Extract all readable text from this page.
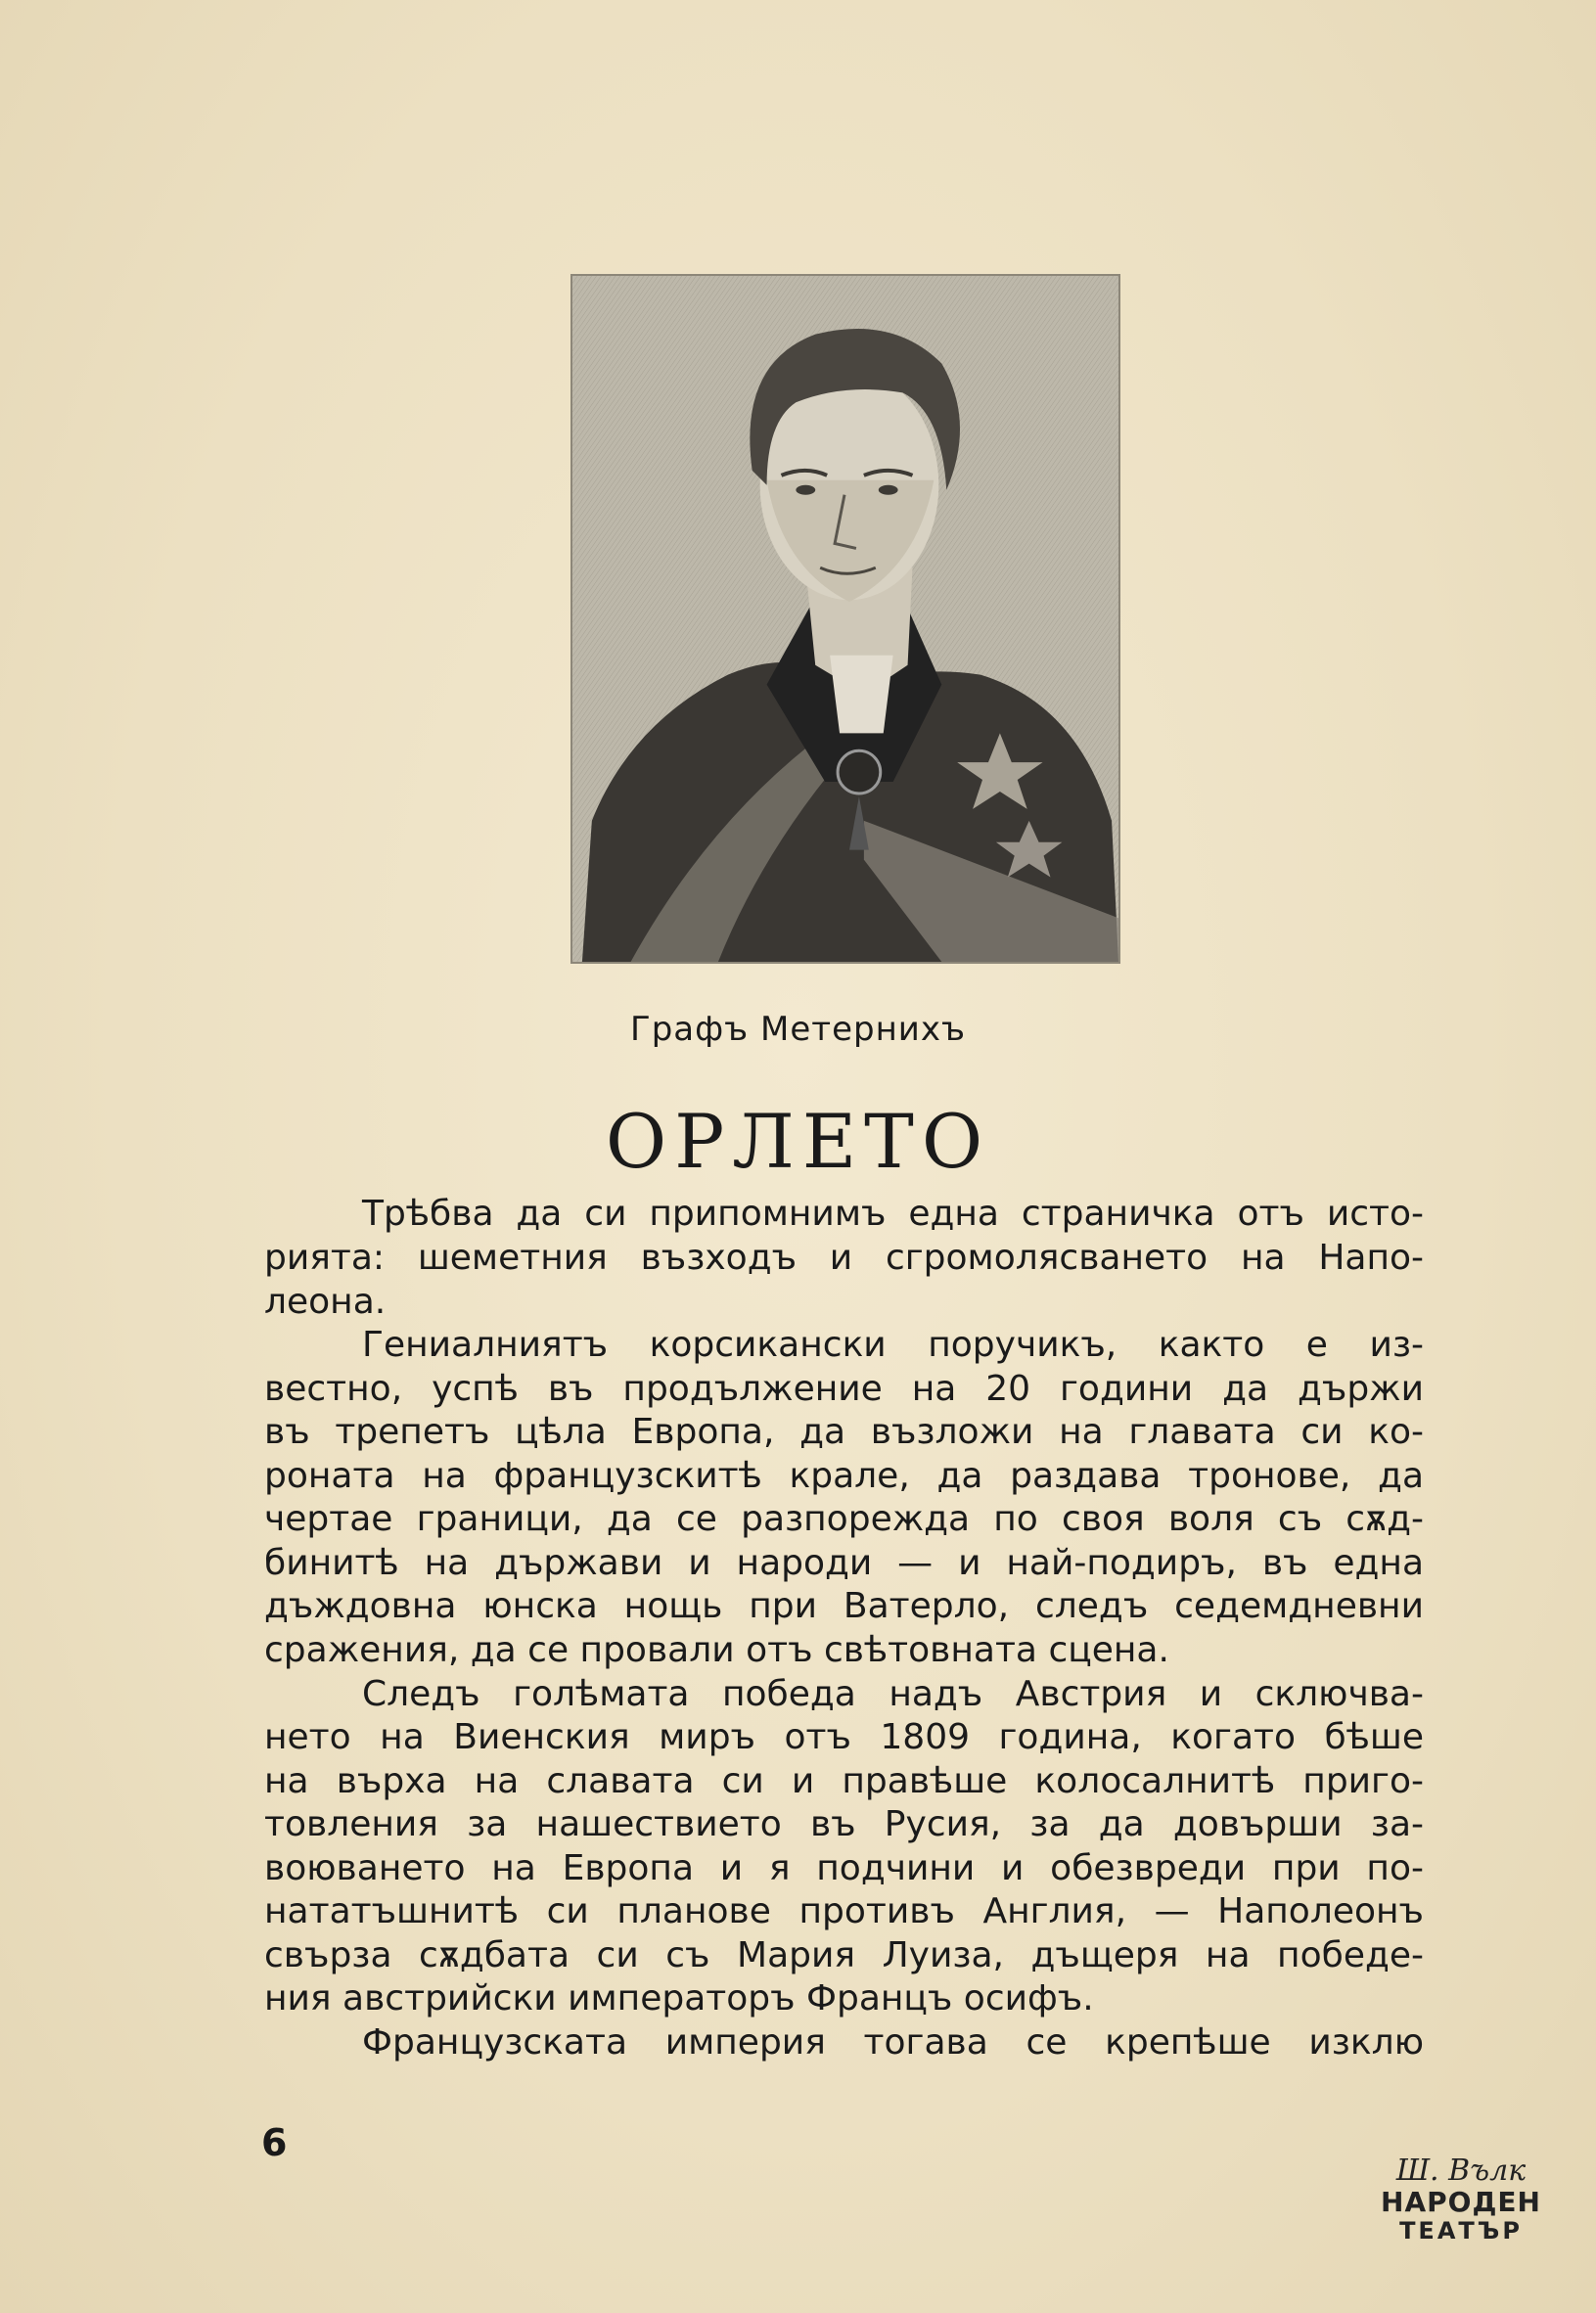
Графъ Метернихъ
ОРЛЕТО
Трѣбва да си припомнимъ една страничка отъ исто-
рията: шеметния възходъ и сгромолясването на Напо-
леона.
Гениалниятъ корсикански поручикъ, както е из-
вестно, успѣ въ продължение на 20 години да държи
въ трепетъ цѣла Европа, да възложи на главата си ко-
роната на французскитѣ крале, да раздава тронове, да
чертае граници, да се разпорежда по своя воля съ сѫд-
бинитѣ на държави и народи — и най-подиръ, въ една
дъждовна юнска нощь при Ватерло, следъ седемдневни
сражения, да се провали отъ свѣтовната сцена.
Следъ голѣмата победа надъ Австрия и сключва-
нето на Виенския миръ отъ 1809 година, когато бѣше
на върха на славата си и правѣше колосалнитѣ приго-
товления за нашествието въ Русия, за да довърши за-
воюването на Европа и я подчини и обезвреди при по-
нататъшнитѣ си планове противъ Англия, — Наполеонъ
свърза сѫдбата си съ Мария Луиза, дъщеря на победе-
ния австрийски императоръ Францъ осифъ.
Французската империя тогава се крепѣше изклю
6
Ш. Вълк
НАРОДЕН
ТЕАТЪР
